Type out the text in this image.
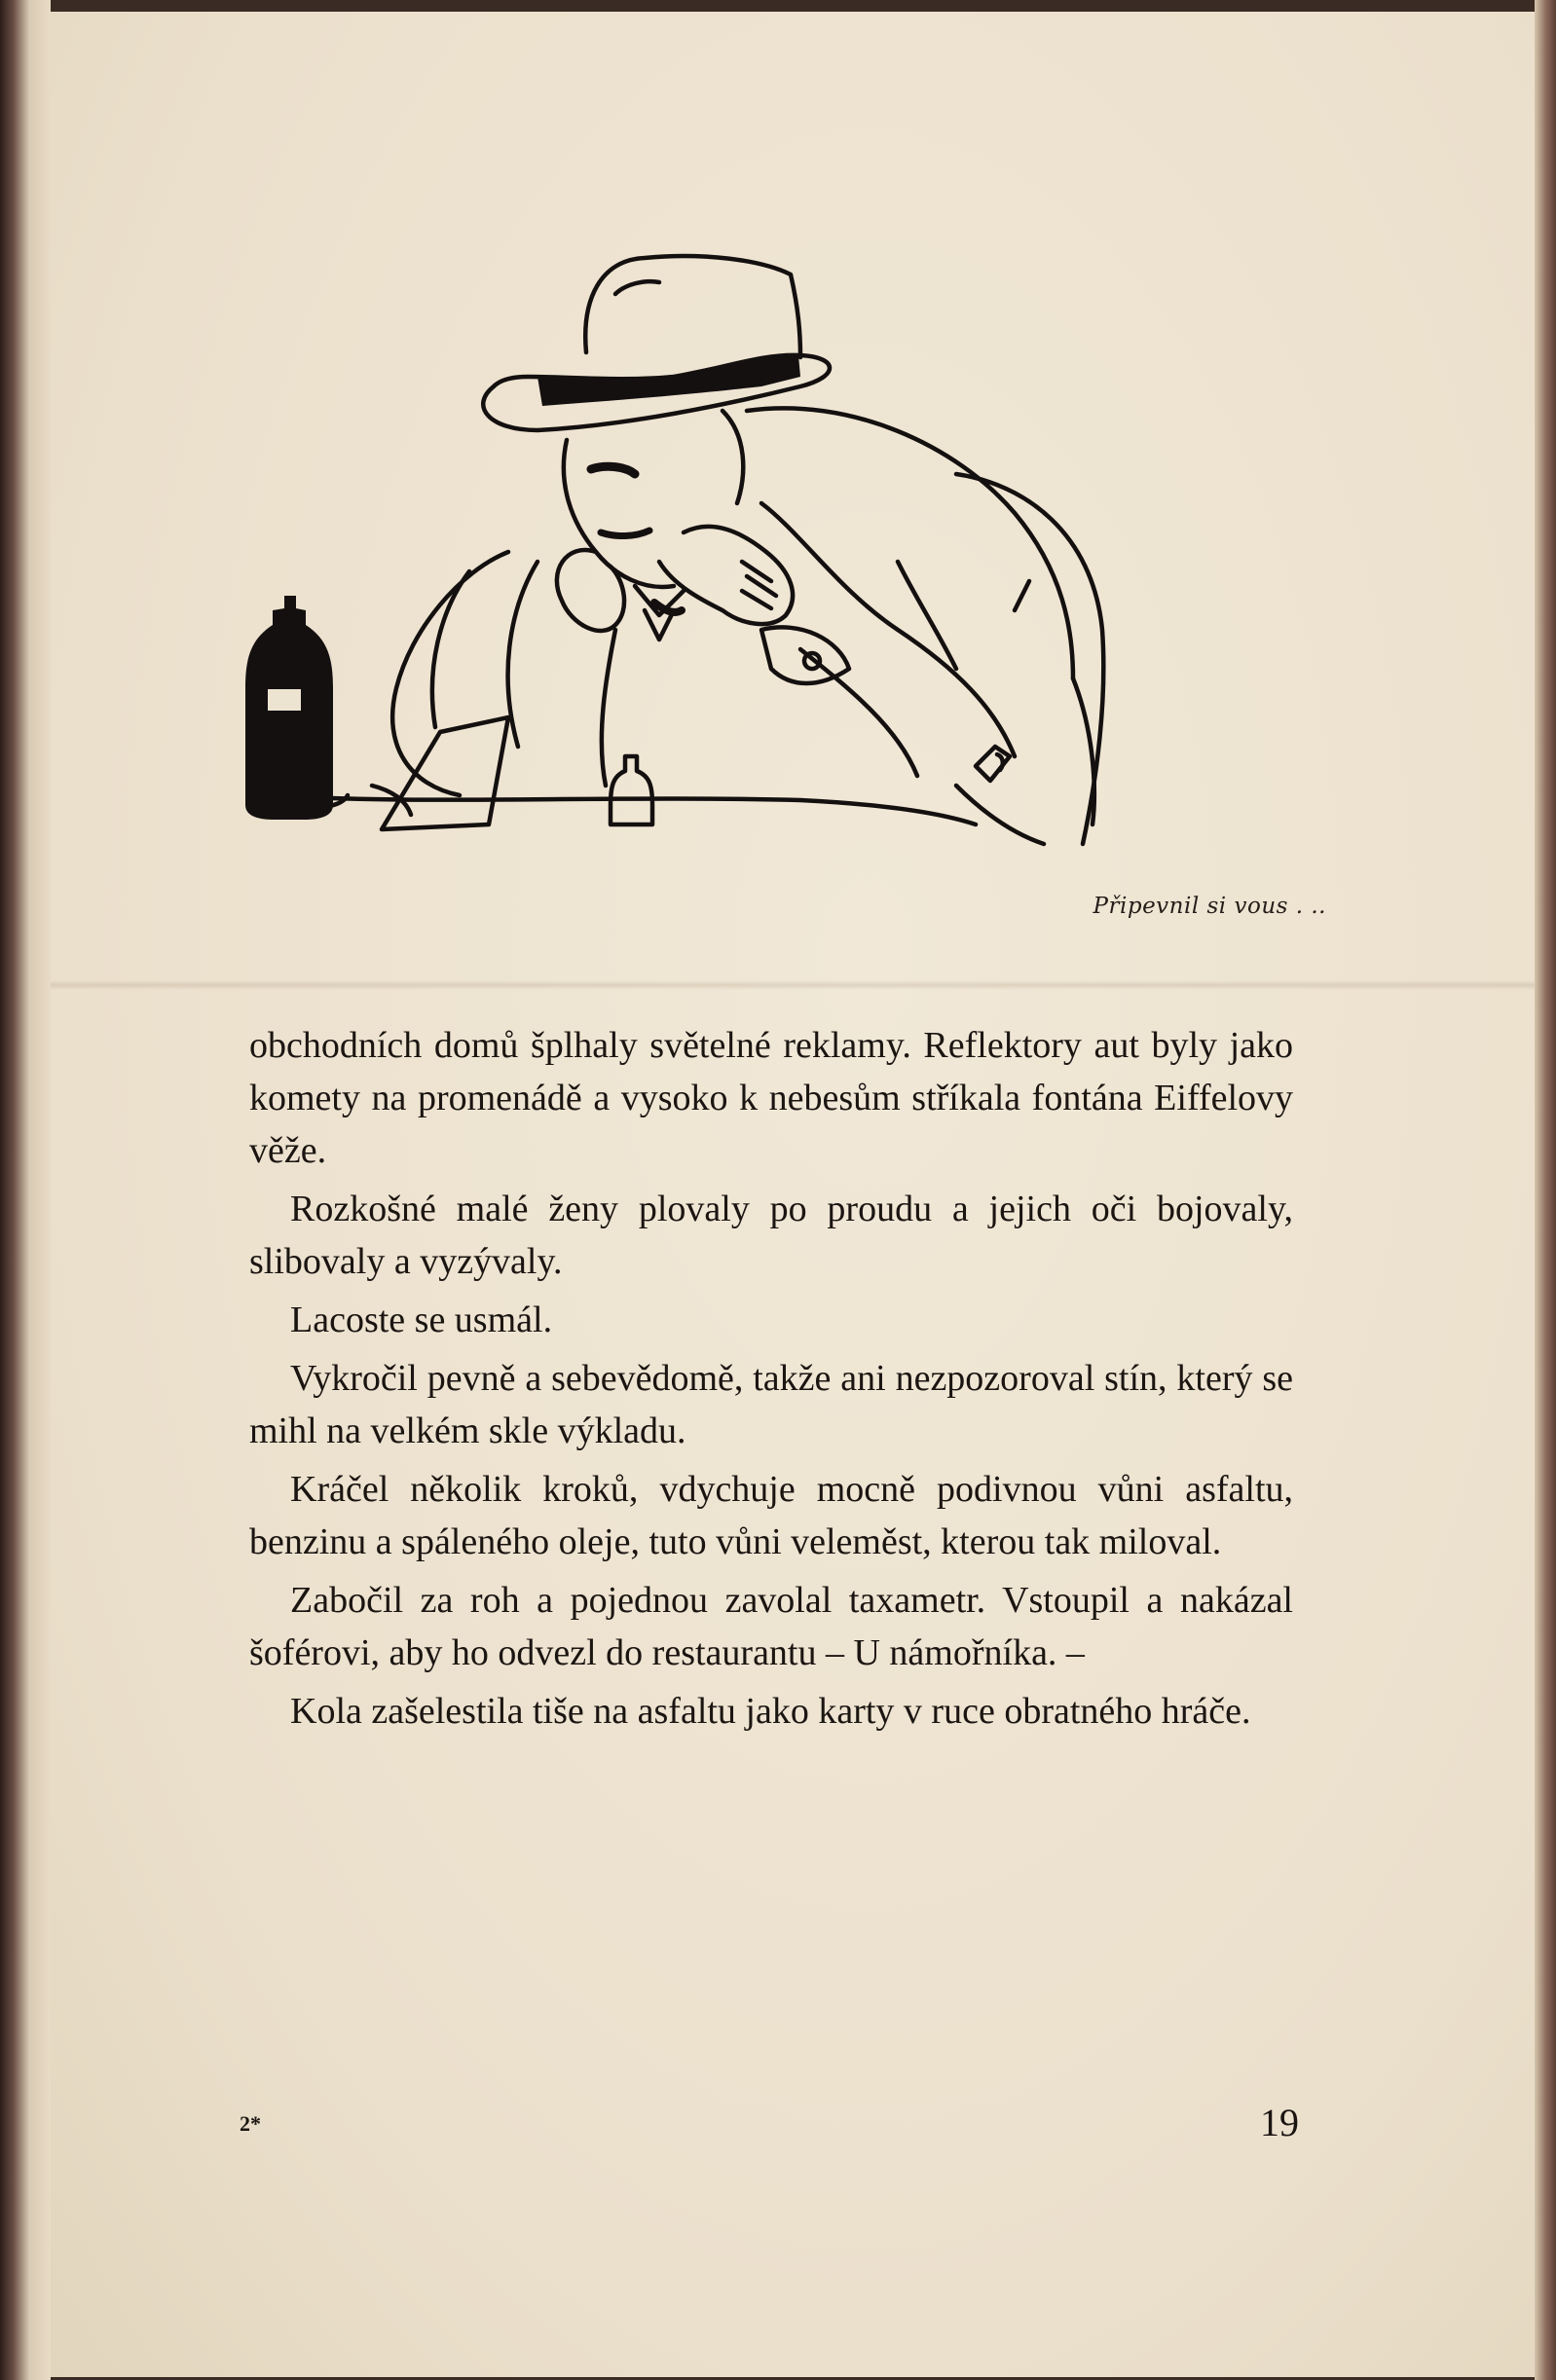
Připevnil si vous . ..

obchodních domů šplhaly světelné reklamy. Reflektory aut byly jako komety na promenádě a vysoko k nebesům stříkala fontána Eiffelovy věže.

Rozkošné malé ženy plovaly po proudu a jejich oči bojovaly, slibovaly a vyzývaly.

Lacoste se usmál.

Vykročil pevně a sebevědomě, takže ani nezpozoroval stín, který se mihl na velkém skle výkladu.

Kráčel několik kroků, vdychuje mocně podivnou vůni asfaltu, benzinu a spáleného oleje, tuto vůni veleměst, kterou tak miloval.

Zabočil za roh a pojednou zavolal taxametr. Vstoupil a nakázal šoférovi, aby ho odvezl do restaurantu – U námořníka. –

Kola zašelestila tiše na asfaltu jako karty v ruce obratného hráče.

2*	19
